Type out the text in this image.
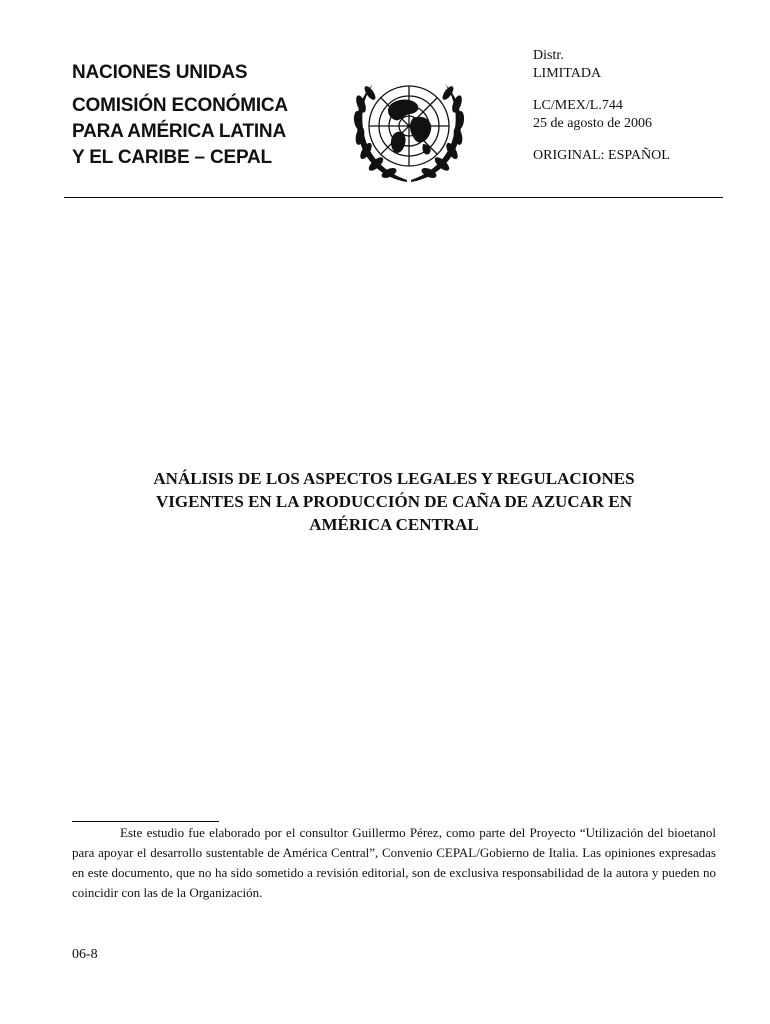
NACIONES UNIDAS
COMISIÓN ECONÓMICA
PARA AMÉRICA LATINA
Y EL CARIBE – CEPAL
Distr.
LIMITADA
LC/MEX/L.744
25 de agosto de 2006
ORIGINAL: ESPAÑOL
ANÁLISIS DE LOS ASPECTOS LEGALES Y REGULACIONES
VIGENTES EN LA PRODUCCIÓN DE CAÑA DE AZUCAR EN
AMÉRICA CENTRAL

Este estudio fue elaborado por el consultor Guillermo Pérez, como parte del Proyecto “Utilización del bioetanol para apoyar el desarrollo sustentable de América Central”, Convenio CEPAL/Gobierno de Italia. Las opiniones expresadas en este documento, que no ha sido sometido a revisión editorial, son de exclusiva responsabilidad de la autora y pueden no coincidir con las de la Organización.

06-8
